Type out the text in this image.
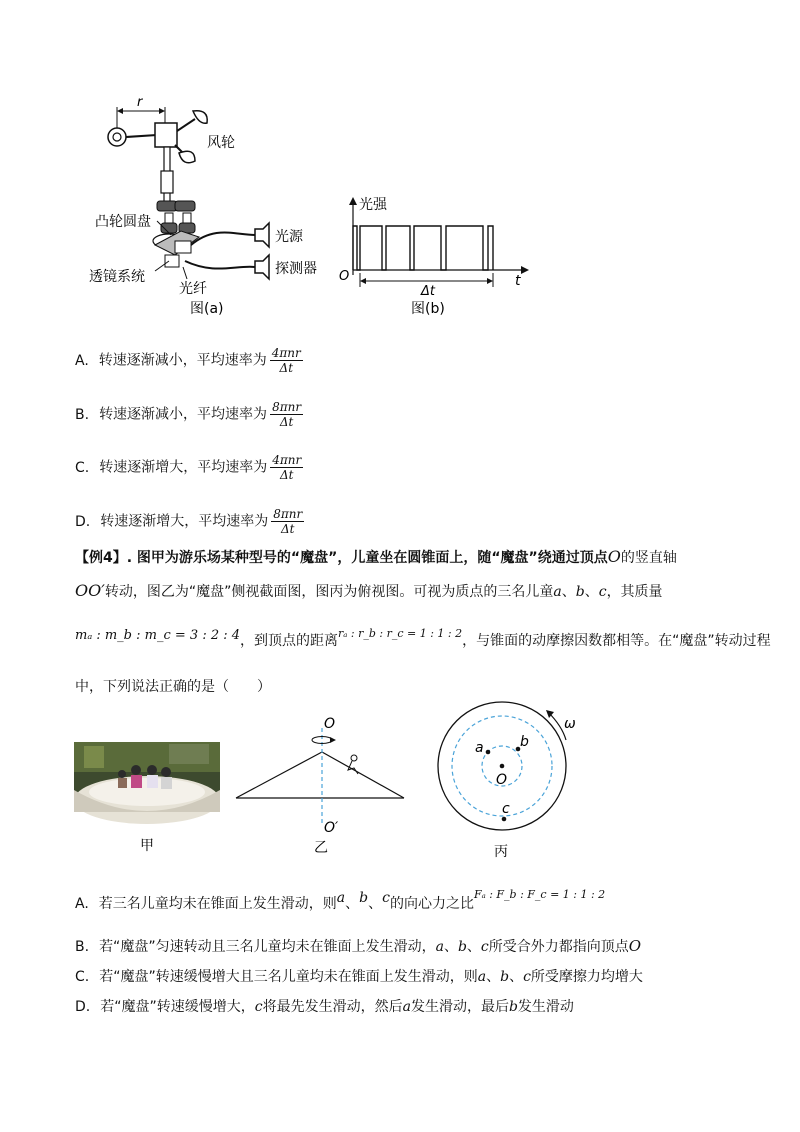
r
风轮
凸轮圆盘
透镜系统
光纤
光源
探测器
图(a)
光强
O	t
Δt
图(b)
A. 转速逐渐减小，平均速率为 $\frac{\text{4πnr}}{\Delta t}$
B. 转速逐渐减小，平均速率为 $\frac{\text{8πnr}}{\Delta t}$
C. 转速逐渐增大，平均速率为 $\frac{\text{4πnr}}{\Delta t}$
D. 转速逐渐增大，平均速率为 $\frac{\text{8πnr}}{\Delta t}$
【例4】. 图甲为游乐场某种型号的“魔盘”，儿童坐在圆锥面上，随“魔盘”绕通过顶点O的竖直轴
OO′转动，图乙为“魔盘”侧视截面图，图丙为俯视图。可视为质点的三名儿童a、b、c，其质量
mₐ : m_b : m_c = 3 : 2 : 4，到顶点的距离$^{r_a : r\_b : r\_c = 1 : 1 : 2}$，与锥面的动摩擦因数都相等。在“魔盘”转动过程
中，下列说法正确的是（　　）
甲
O
O′
乙
O
a	b
c
ω
丙
A. 若三名儿童均未在锥面上发生滑动，则a、b、c的向心力之比$^{F_a : F\_b : F\_c = 1 : 1 : 2}$
B. 若“魔盘”匀速转动且三名儿童均未在锥面上发生滑动，a、b、c所受合外力都指向顶点O
C. 若“魔盘”转速缓慢增大且三名儿童均未在锥面上发生滑动，则a、b、c所受摩擦力均增大
D. 若“魔盘”转速缓慢增大，c将最先发生滑动，然后a发生滑动，最后b发生滑动
